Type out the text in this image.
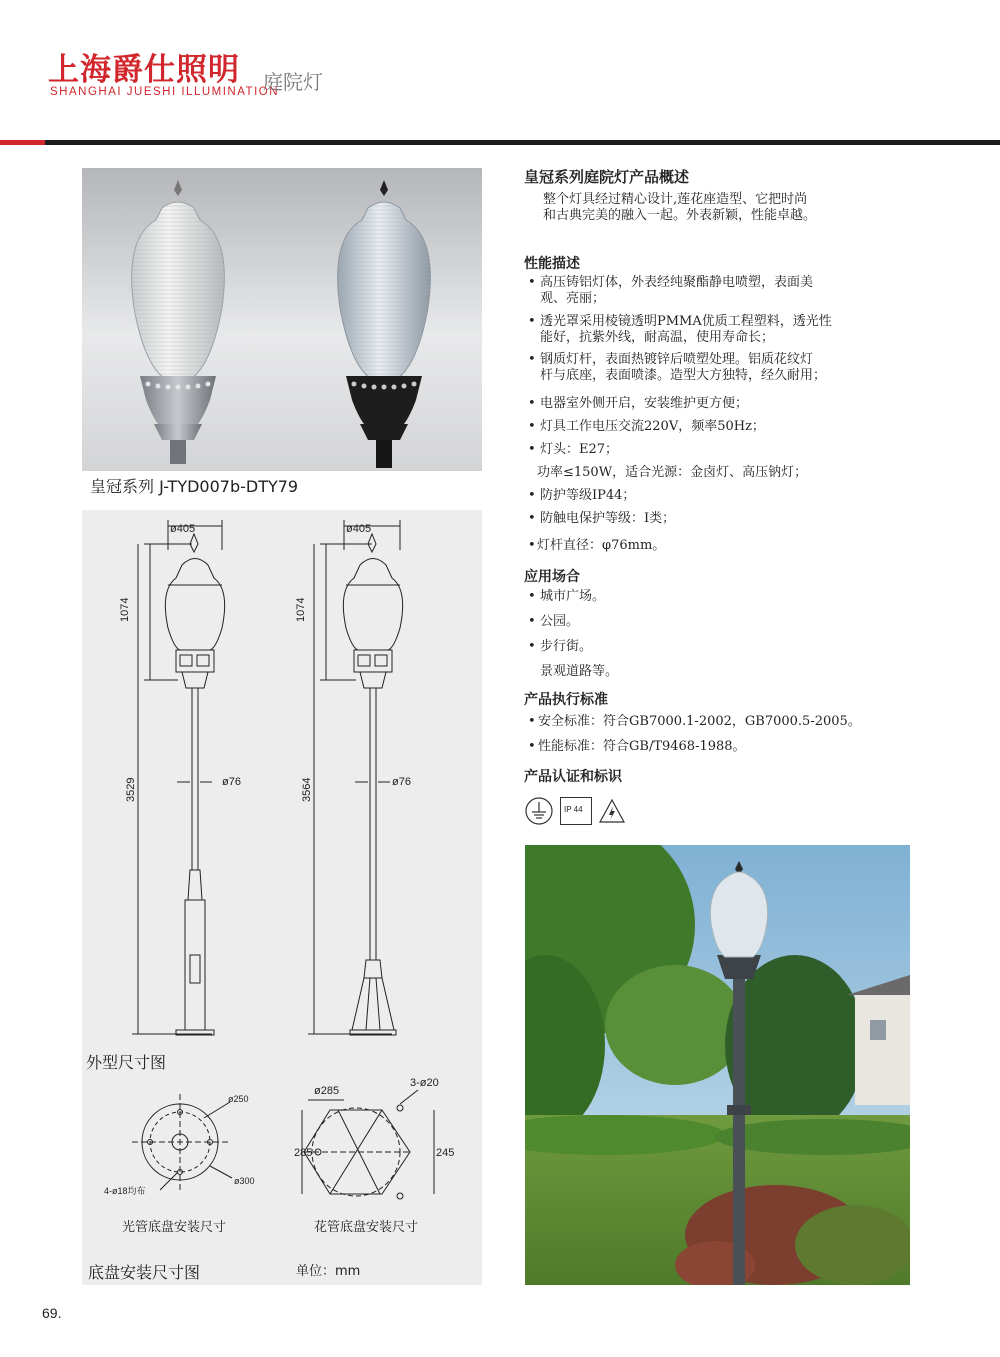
上海爵仕照明
SHANGHAI JUESHI ILLUMINATION
庭院灯
皇冠系列 J-TYD007b-DTY79
ø405	ø405
1074	1074
3529	3564
ø76	ø76
ø250
ø300
4-ø18均布
ø285
3-ø20
285	245
外型尺寸图
光管底盘安装尺寸	花管底盘安装尺寸
底盘安装尺寸图	单位：mm
皇冠系列庭院灯产品概述
整个灯具经过精心设计,莲花座造型、它把时尚
和古典完美的融入一起。外表新颖，性能卓越。
性能描述
• 高压铸铝灯体，外表经纯聚酯静电喷塑，表面美
观、亮丽；
• 透光罩采用棱镜透明PMMA优质工程塑料，透光性
能好，抗紫外线，耐高温，使用寿命长；
• 钢质灯杆，表面热镀锌后喷塑处理。铝质花纹灯
杆与底座，表面喷漆。造型大方独特，经久耐用；
• 电器室外侧开启，安装维护更方便；
• 灯具工作电压交流220V，频率50Hz；
• 灯头：E27；
功率≤150W，适合光源：金卤灯、高压钠灯；
• 防护等级IP44；
• 防触电保护等级：Ⅰ类；
• 灯杆直径：φ76mm。
应用场合
• 城市广场。
• 公园。
• 步行街。
景观道路等。
产品执行标准
• 安全标准：符合GB7000.1-2002，GB7000.5-2005。
• 性能标准：符合GB/T9468-1988。
产品认证和标识
IP 44
69.
